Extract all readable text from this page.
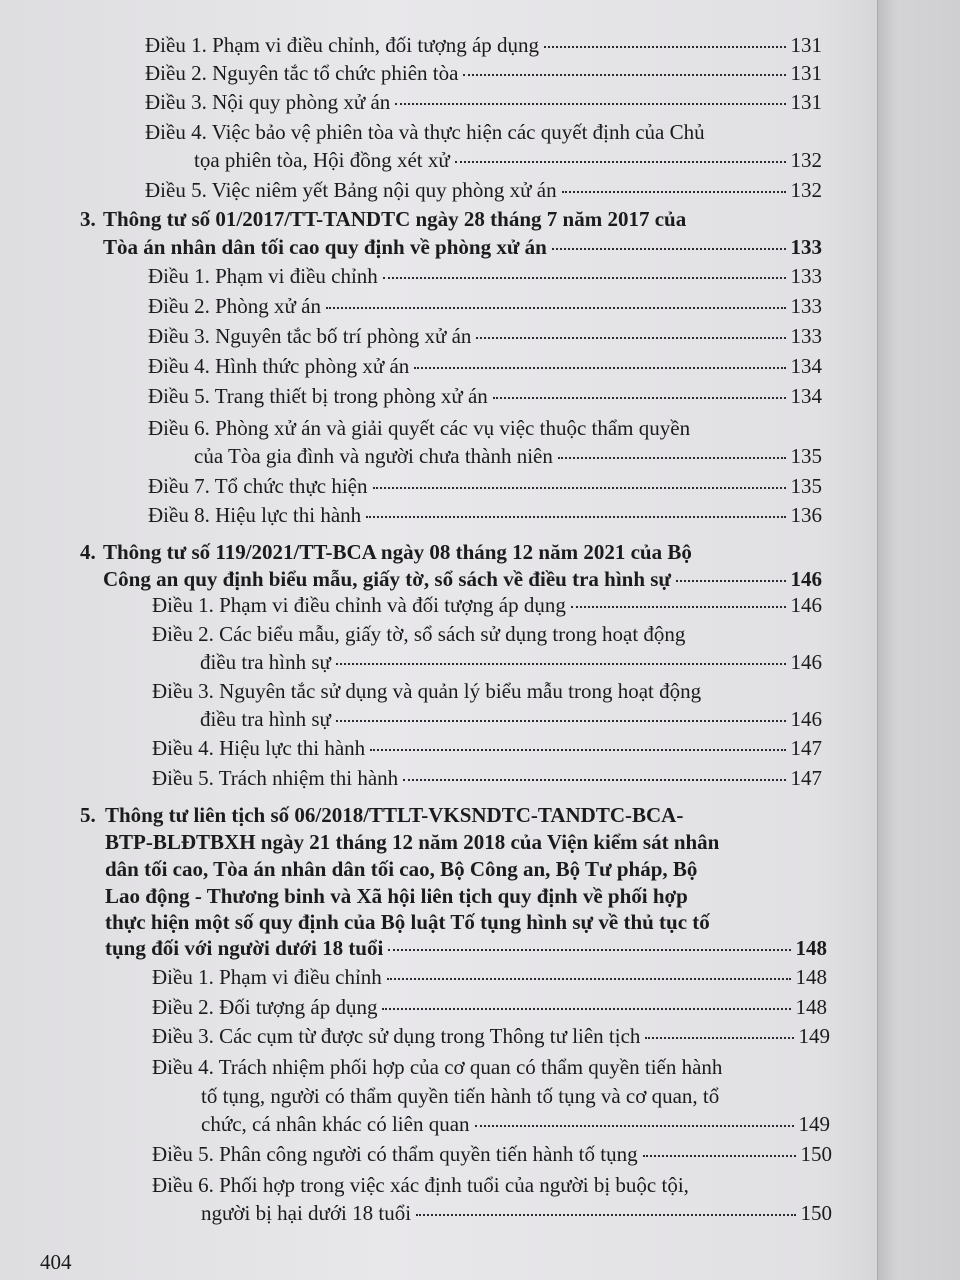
Điều 1. Phạm vi điều chỉnh, đối tượng áp dụng	131
Điều 2. Nguyên tắc tổ chức phiên tòa	131
Điều 3. Nội quy phòng xử án	131
Điều 4. Việc bảo vệ phiên tòa và thực hiện các quyết định của Chủ
tọa phiên tòa, Hội đồng xét xử	132
Điều 5. Việc niêm yết Bảng nội quy phòng xử án	132
3. Thông tư số 01/2017/TT-TANDTC ngày 28 tháng 7 năm 2017 của
Tòa án nhân dân tối cao quy định về phòng xử án	133
Điều 1. Phạm vi điều chỉnh	133
Điều 2. Phòng xử án	133
Điều 3. Nguyên tắc bố trí phòng xử án	133
Điều 4. Hình thức phòng xử án	134
Điều 5. Trang thiết bị trong phòng xử án	134
Điều 6. Phòng xử án và giải quyết các vụ việc thuộc thẩm quyền
của Tòa gia đình và người chưa thành niên	135
Điều 7. Tổ chức thực hiện	135
Điều 8. Hiệu lực thi hành	136
4. Thông tư số 119/2021/TT-BCA ngày 08 tháng 12 năm 2021 của Bộ
Công an quy định biểu mẫu, giấy tờ, sổ sách về điều tra hình sự	146
Điều 1. Phạm vi điều chỉnh và đối tượng áp dụng	146
Điều 2. Các biểu mẫu, giấy tờ, sổ sách sử dụng trong hoạt động
điều tra hình sự	146
Điều 3. Nguyên tắc sử dụng và quản lý biểu mẫu trong hoạt động
điều tra hình sự	146
Điều 4. Hiệu lực thi hành	147
Điều 5. Trách nhiệm thi hành	147
5. Thông tư liên tịch số 06/2018/TTLT-VKSNDTC-TANDTC-BCA-
BTP-BLĐTBXH ngày 21 tháng 12 năm 2018 của Viện kiểm sát nhân
dân tối cao, Tòa án nhân dân tối cao, Bộ Công an, Bộ Tư pháp, Bộ
Lao động - Thương binh và Xã hội liên tịch quy định về phối hợp
thực hiện một số quy định của Bộ luật Tố tụng hình sự về thủ tục tố
tụng đối với người dưới 18 tuổi	148
Điều 1. Phạm vi điều chỉnh	148
Điều 2. Đối tượng áp dụng	148
Điều 3. Các cụm từ được sử dụng trong Thông tư liên tịch	149
Điều 4. Trách nhiệm phối hợp của cơ quan có thẩm quyền tiến hành
tố tụng, người có thẩm quyền tiến hành tố tụng và cơ quan, tổ
chức, cá nhân khác có liên quan	149
Điều 5. Phân công người có thẩm quyền tiến hành tố tụng	150
Điều 6. Phối hợp trong việc xác định tuổi của người bị buộc tội,
người bị hại dưới 18 tuổi	150
404
